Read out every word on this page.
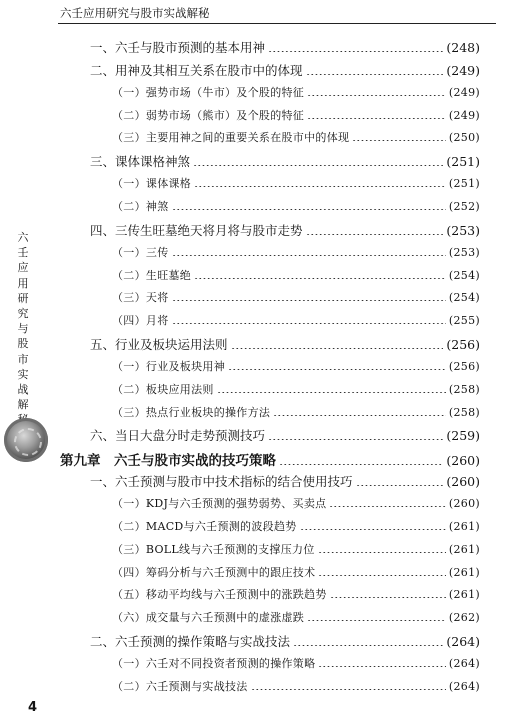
六壬应用研究与股市实战解秘
六
壬
应
用
研
究
与
股
市
实
战
解
一、六壬与股市预测的基本用神	(248)
二、用神及其相互关系在股市中的体现	(249)
（一）强势市场（牛市）及个股的特征	(249)
（二）弱势市场（熊市）及个股的特征	(249)
（三）主要用神之间的重要关系在股市中的体现	(250)
三、课体课格神煞	(251)
（一）课体课格	(251)
（二）神煞	(252)
四、三传生旺墓绝天将月将与股市走势	(253)
（一）三传	(253)
（二）生旺墓绝	(254)
（三）天将	(254)
（四）月将	(255)
五、行业及板块运用法则	(256)
（一）行业及板块用神	(256)
（二）板块应用法则	(258)
（三）热点行业板块的操作方法	(258)
六、当日大盘分时走势预测技巧	(259)
第九章　六壬与股市实战的技巧策略	(260)
一、六壬预测与股市中技术指标的结合使用技巧	(260)
（一）KDJ与六壬预测的强势弱势、买卖点	(260)
（二）MACD与六壬预测的波段趋势	(261)
（三）BOLL线与六壬预测的支撑压力位	(261)
（四）筹码分析与六壬预测中的跟庄技术	(261)
（五）移动平均线与六壬预测中的涨跌趋势	(261)
（六）成交量与六壬预测中的虚涨虚跌	(262)
二、六壬预测的操作策略与实战技法	(264)
（一）六壬对不同投资者预测的操作策略	(264)
（二）六壬预测与实战技法	(264)
4
